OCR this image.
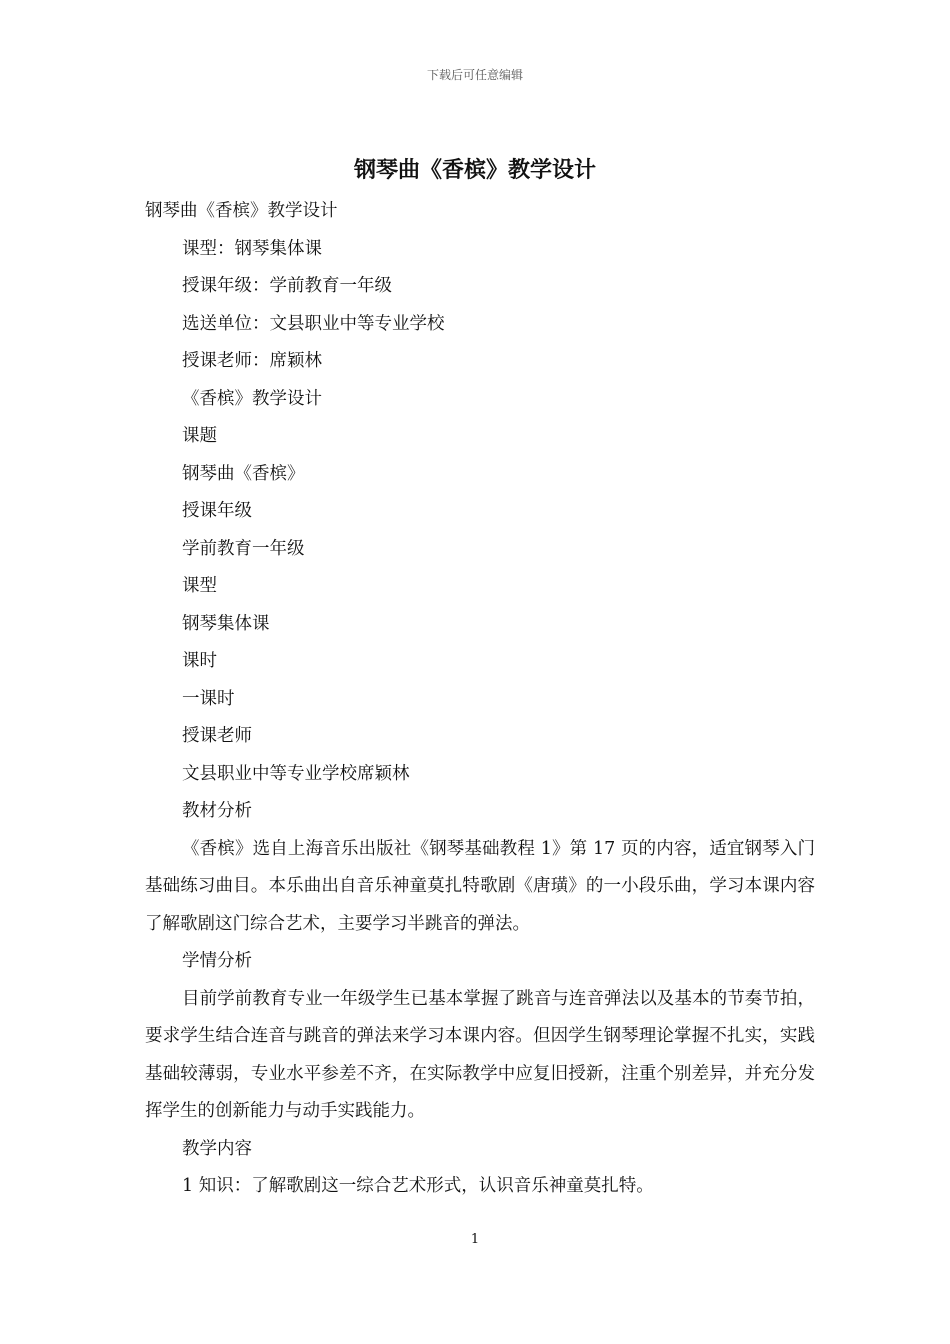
下载后可任意编辑
钢琴曲《香槟》教学设计

钢琴曲《香槟》教学设计

课型：钢琴集体课

授课年级：学前教育一年级

选送单位：文县职业中等专业学校

授课老师：席颖林

《香槟》教学设计

课题

钢琴曲《香槟》

授课年级

学前教育一年级

课型

钢琴集体课

课时

一课时

授课老师

文县职业中等专业学校席颖林

教材分析

《香槟》选自上海音乐出版社《钢琴基础教程 1》第 17 页的内容，适宜钢琴入门基础练习曲目。本乐曲出自音乐神童莫扎特歌剧《唐璜》的一小段乐曲，学习本课内容了解歌剧这门综合艺术，主要学习半跳音的弹法。

学情分析

目前学前教育专业一年级学生已基本掌握了跳音与连音弹法以及基本的节奏节拍，要求学生结合连音与跳音的弹法来学习本课内容。但因学生钢琴理论掌握不扎实，实践基础较薄弱，专业水平参差不齐，在实际教学中应复旧授新，注重个别差异，并充分发挥学生的创新能力与动手实践能力。

教学内容

1 知识：了解歌剧这一综合艺术形式，认识音乐神童莫扎特。

1
